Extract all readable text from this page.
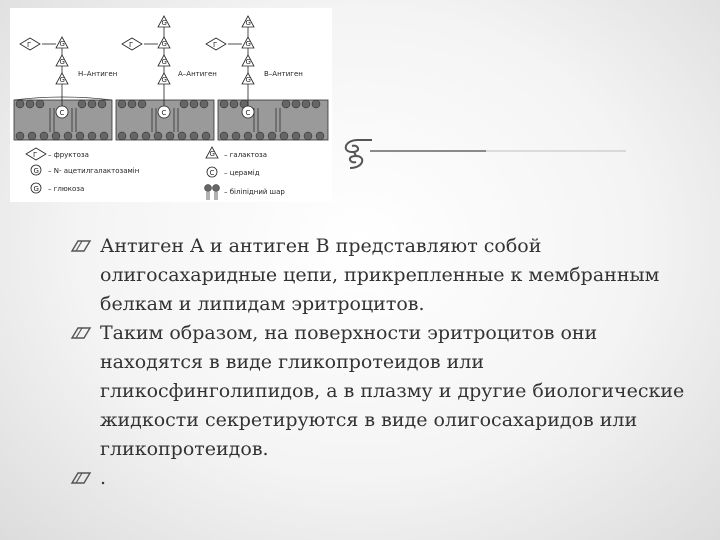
Г	G
G
G
C
H–Антиген
Г
G
G
G
G
C
A–Антиген
Г
G
G
G
G
C
B–Антиген
Г
G
G
G
C
– фруктоза
– N- ацетилгалактозамін
– глюкоза
– галактоза
– церамід
– біліпідний шар
Антиген A и антиген B представляют собой олигосахаридные цепи, прикрепленные к мембранным белкам и липидам эритроцитов.
Таким образом, на поверхности эритроцитов они находятся в виде гликопротеидов или гликосфинголипидов, а в плазму и другие биологические жидкости секретируются в виде олигосахаридов или гликопротеидов.
.
